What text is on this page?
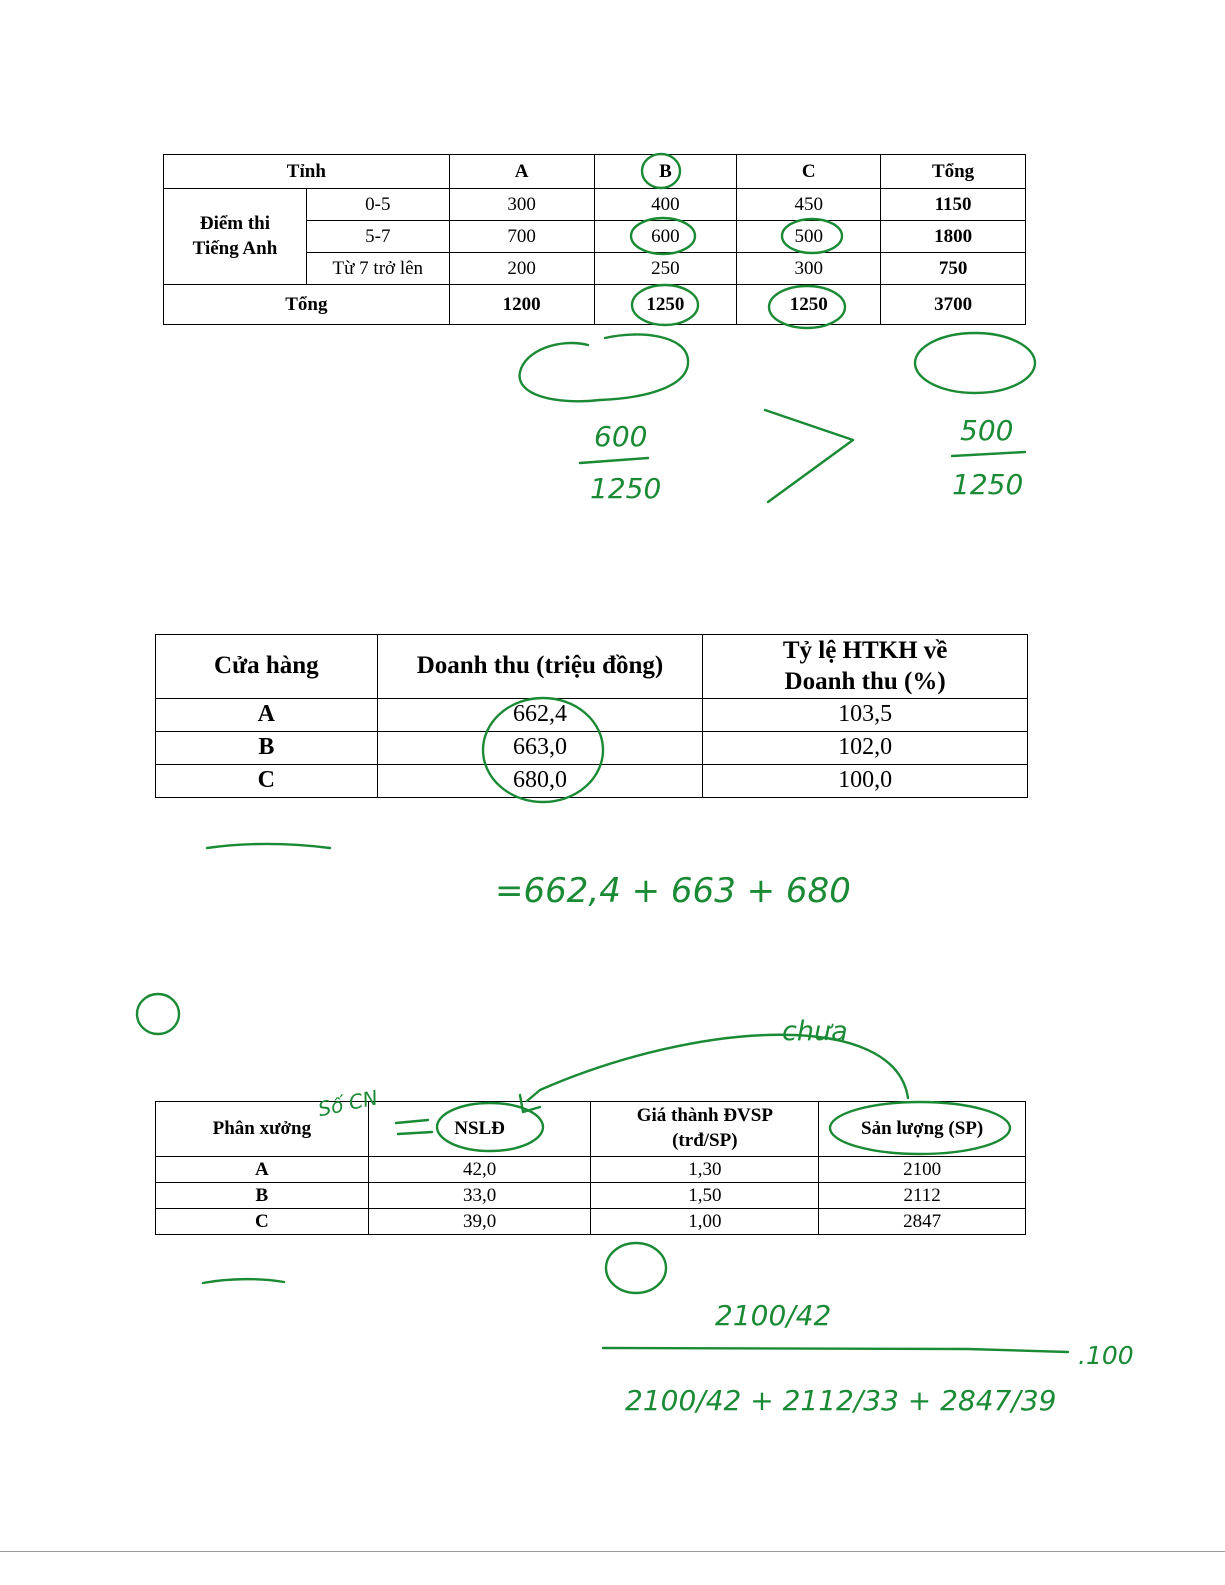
Tỉnh		A	B	C	Tổng
Điểm thi Tiếng Anh	0-5	300	400	450	1150
	5-7	700	600	500	1800
	Từ 7 trở lên	200	250	300	750
Tổng		1200	1250	1250	3700
Cửa hàng	Doanh thu (triệu đồng)	Tỷ lệ HTKH về Doanh thu (%)
A	662,4	103,5
B	663,0	102,0
C	680,0	100,0
Phân xưởng	NSLĐ	Giá thành ĐVSP (trđ/SP)	Sản lượng (SP)
A	42,0	1,30	2100
B	33,0	1,50	2112
C	39,0	1,00	2847
600
1250
500
1250
=662,4 + 663 + 680
chưa
Số CN
2100/42
.100
2100/42 + 2112/33 + 2847/39
